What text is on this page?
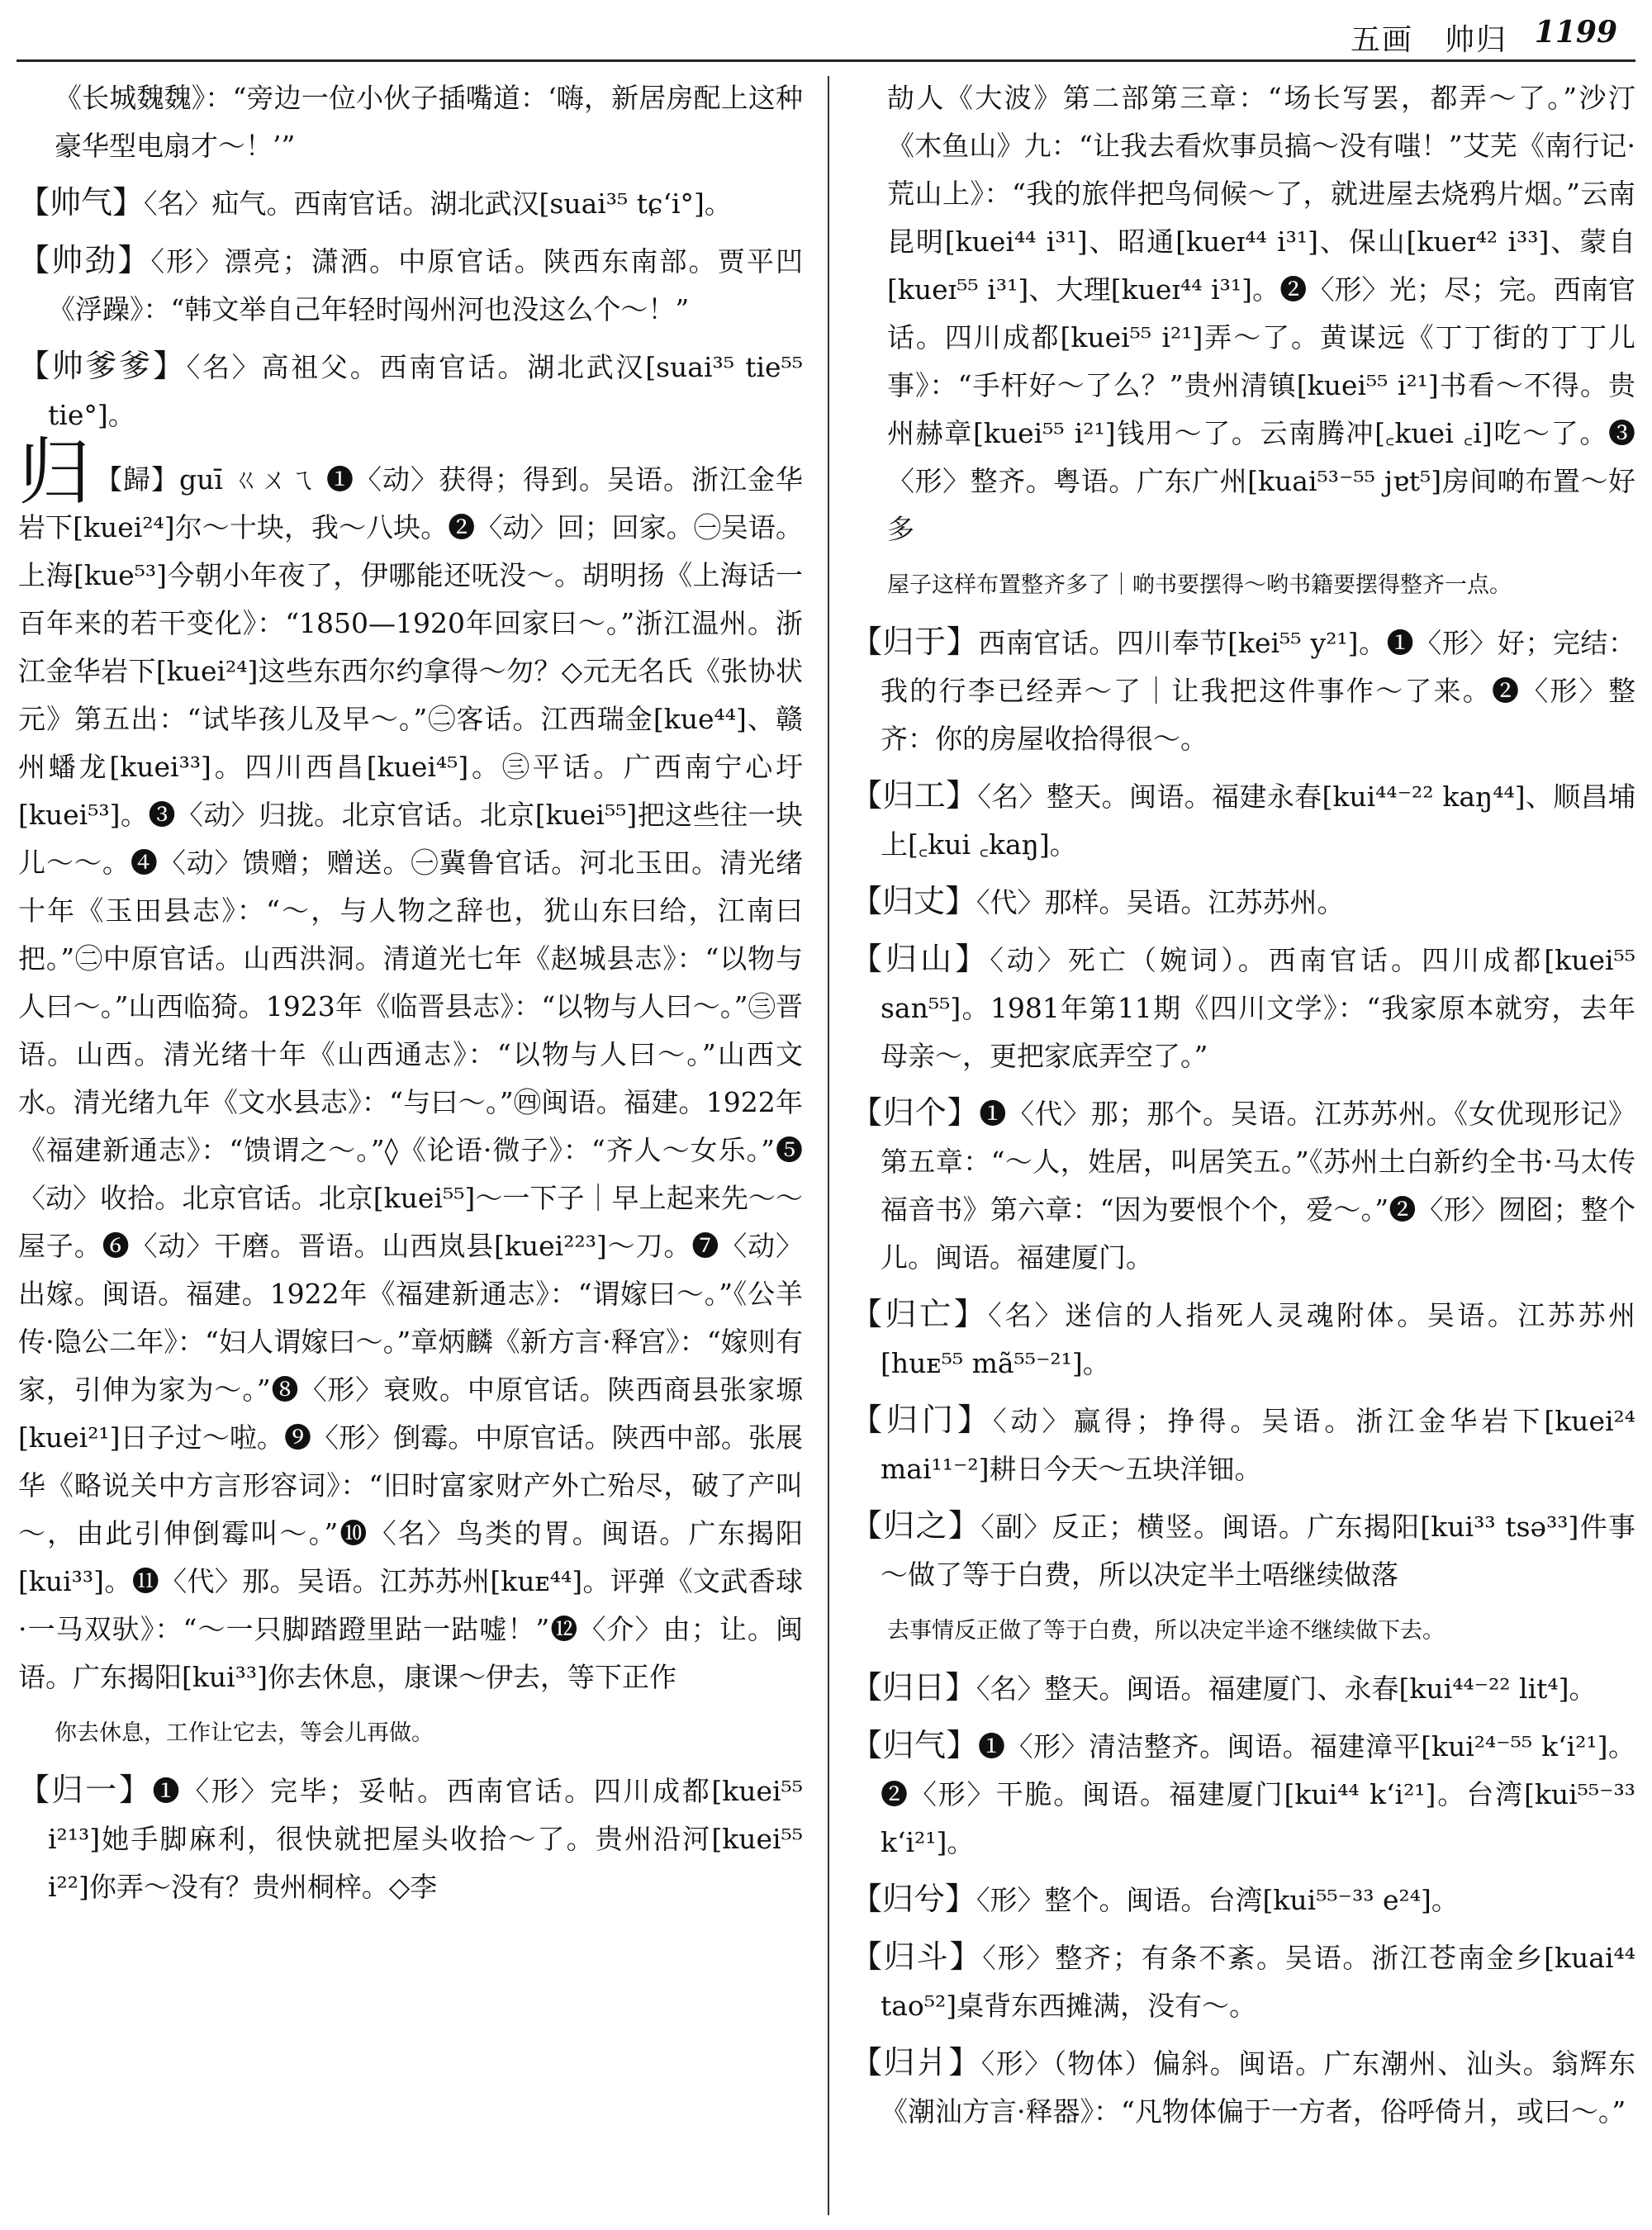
五画　帅归 1199

《长城魏魏》：“旁边一位小伙子插嘴道：‘嗨，新居房配上这种豪华型电扇才～！’”

【帅气】〈名〉疝气。西南官话。湖北武汉[suai³⁵ tɕʻi°]。

【帅劲】〈形〉漂亮；潇洒。中原官话。陕西东南部。贾平凹《浮躁》：“韩文举自己年轻时闯州河也没这么个～！”

【帅爹爹】〈名〉高祖父。西南官话。湖北武汉[suai³⁵ tie⁵⁵ tie°]。

归 【歸】guī ㄍㄨㄟ ❶〈动〉获得；得到。吴语。浙江金华岩下[kuei²⁴]尔～十块，我～八块。❷〈动〉回；回家。㊀吴语。上海[kue⁵³]今朝小年夜了，伊哪能还呒没～。胡明扬《上海话一百年来的若干变化》：“1850—1920年回家曰～。”浙江温州。浙江金华岩下[kuei²⁴]这些东西尔约拿得～勿？◇元无名氏《张协状元》第五出：“试毕孩儿及早～。”㊁客话。江西瑞金[kue⁴⁴]、赣州蟠龙[kuei³³]。四川西昌[kuei⁴⁵]。㊂平话。广西南宁心圩[kuei⁵³]。❸〈动〉归拢。北京官话。北京[kuei⁵⁵]把这些往一块儿～～。❹〈动〉馈赠；赠送。㊀冀鲁官话。河北玉田。清光绪十年《玉田县志》：“～，与人物之辞也，犹山东曰给，江南曰把。”㊁中原官话。山西洪洞。清道光七年《赵城县志》：“以物与人曰～。”山西临猗。1923年《临晋县志》：“以物与人曰～。”㊂晋语。山西。清光绪十年《山西通志》：“以物与人曰～。”山西文水。清光绪九年《文水县志》：“与曰～。”㊃闽语。福建。1922年《福建新通志》：“馈谓之～。”◊《论语·微子》：“齐人～女乐。”❺〈动〉收拾。北京官话。北京[kuei⁵⁵]～一下子｜早上起来先～～屋子。❻〈动〉干磨。晋语。山西岚县[kuei²²³]～刀。❼〈动〉出嫁。闽语。福建。1922年《福建新通志》：“谓嫁曰～。”《公羊传·隐公二年》：“妇人谓嫁曰～。”章炳麟《新方言·释宫》：“嫁则有家，引伸为家为～。”❽〈形〉衰败。中原官话。陕西商县张家塬[kuei²¹]日子过～啦。❾〈形〉倒霉。中原官话。陕西中部。张展华《略说关中方言形容词》：“旧时富家财产外亡殆尽，破了产叫～，由此引伸倒霉叫～。”❿〈名〉鸟类的胃。闽语。广东揭阳[kui³³]。⓫〈代〉那。吴语。江苏苏州[kuᴇ⁴⁴]。评弹《文武香球·一马双驮》：“～一只脚踏蹬里跍一跍嘘！”⓬〈介〉由；让。闽语。广东揭阳[kui³³]你去休息，康课～伊去，等下正作

你去休息，工作让它去，等会儿再做。

【归一】❶〈形〉完毕；妥帖。西南官话。四川成都[kuei⁵⁵ i²¹³]她手脚麻利，很快就把屋头收拾～了。贵州沿河[kuei⁵⁵ i²²]你弄～没有？贵州桐梓。◇李

劼人《大波》第二部第三章：“场长写罢，都弄～了。”沙汀《木鱼山》九：“让我去看炊事员搞～没有嗤！”艾芜《南行记·荒山上》：“我的旅伴把鸟伺候～了，就进屋去烧鸦片烟。”云南昆明[kuei⁴⁴ i³¹]、昭通[kueɪ⁴⁴ i³¹]、保山[kueɪ⁴² i³³]、蒙自[kueɪ⁵⁵ i³¹]、大理[kueɪ⁴⁴ i³¹]。❷〈形〉光；尽；完。西南官话。四川成都[kuei⁵⁵ i²¹]弄～了。黄谋远《丁丁街的丁丁儿事》：“手杆好～了么？”贵州清镇[kuei⁵⁵ i²¹]书看～不得。贵州赫章[kuei⁵⁵ i²¹]钱用～了。云南腾冲[꜀kuei ꜀i]吃～了。❸〈形〉整齐。粤语。广东广州[kuai⁵³⁻⁵⁵ jɐt⁵]房间啲布置～好多

屋子这样布置整齐多了｜啲书要摆得～哟书籍要摆得整齐一点。

【归于】西南官话。四川奉节[kei⁵⁵ y²¹]。❶〈形〉好；完结：我的行李已经弄～了｜让我把这件事作～了来。❷〈形〉整齐：你的房屋收拾得很～。

【归工】〈名〉整天。闽语。福建永春[kui⁴⁴⁻²² kaŋ⁴⁴]、顺昌埔上[꜀kui ꜀kaŋ]。

【归丈】〈代〉那样。吴语。江苏苏州。

【归山】〈动〉死亡（婉词）。西南官话。四川成都[kuei⁵⁵ san⁵⁵]。1981年第11期《四川文学》：“我家原本就穷，去年母亲～，更把家底弄空了。”

【归个】❶〈代〉那；那个。吴语。江苏苏州。《女优现形记》第五章：“～人，姓居，叫居笑五。”《苏州土白新约全书·马太传福音书》第六章：“因为要恨个个，爱～。”❷〈形〉囫囵；整个儿。闽语。福建厦门。

【归亡】〈名〉迷信的人指死人灵魂附体。吴语。江苏苏州[huᴇ⁵⁵ mã⁵⁵⁻²¹]。

【归门】〈动〉赢得；挣得。吴语。浙江金华岩下[kuei²⁴ mai¹¹⁻²]耕日今天～五块洋钿。

【归之】〈副〉反正；横竖。闽语。广东揭阳[kui³³ tsə³³]件事～做了等于白费，所以决定半土唔继续做落

去事情反正做了等于白费，所以决定半途不继续做下去。

【归日】〈名〉整天。闽语。福建厦门、永春[kui⁴⁴⁻²² lit⁴]。

【归气】❶〈形〉清洁整齐。闽语。福建漳平[kui²⁴⁻⁵⁵ kʻi²¹]。❷〈形〉干脆。闽语。福建厦门[kui⁴⁴ kʻi²¹]。台湾[kui⁵⁵⁻³³ kʻi²¹]。

【归兮】〈形〉整个。闽语。台湾[kui⁵⁵⁻³³ e²⁴]。

【归斗】〈形〉整齐；有条不紊。吴语。浙江苍南金乡[kuai⁴⁴ tao⁵²]桌背东西摊满，没有～。

【归爿】〈形〉（物体）偏斜。闽语。广东潮州、汕头。翁辉东《潮汕方言·释器》：“凡物体偏于一方者，俗呼倚爿，或曰～。”
